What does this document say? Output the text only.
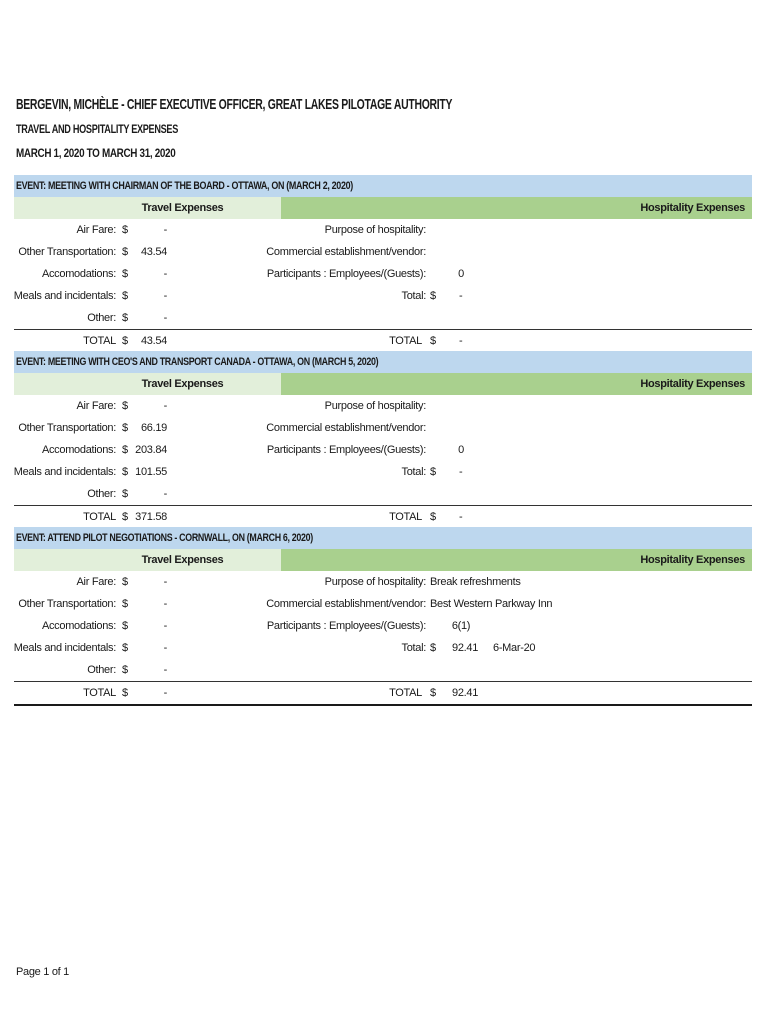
BERGEVIN, MICHÈLE - CHIEF EXECUTIVE OFFICER, GREAT LAKES PILOTAGE AUTHORITY
TRAVEL AND HOSPITALITY EXPENSES
MARCH 1, 2020 TO MARCH 31, 2020
EVENT: MEETING WITH CHAIRMAN OF THE BOARD - OTTAWA, ON (MARCH 2, 2020)
Travel Expenses	Hospitality Expenses
Air Fare: $	-	Purpose of hospitality:
Other Transportation: $ 43.54	Commercial establishment/vendor:
Accomodations: $	-	Participants : Employees/(Guests):	0
Meals and incidentals: $	-	Total: $ -
Other: $	-
TOTAL $ 43.54	TOTAL $ -
EVENT: MEETING WITH CEO'S AND TRANSPORT CANADA - OTTAWA, ON (MARCH 5, 2020)
Travel Expenses	Hospitality Expenses
Air Fare: $	-	Purpose of hospitality:
Other Transportation: $ 66.19	Commercial establishment/vendor:
Accomodations: $ 203.84	Participants : Employees/(Guests):	0
Meals and incidentals: $ 101.55	Total: $ -
Other: $	-
TOTAL $ 371.58	TOTAL $ -
EVENT: ATTEND PILOT NEGOTIATIONS - CORNWALL, ON (MARCH 6, 2020)
Travel Expenses	Hospitality Expenses
Air Fare: $	-	Purpose of hospitality: Break refreshments
Other Transportation: $	-	Commercial establishment/vendor: Best Western Parkway Inn
Accomodations: $	-	Participants : Employees/(Guests): 6(1)
Meals and incidentals: $	-	Total: $ 92.41 6-Mar-20
Other: $	-
TOTAL $	-	TOTAL $ 92.41
Page 1 of 1
